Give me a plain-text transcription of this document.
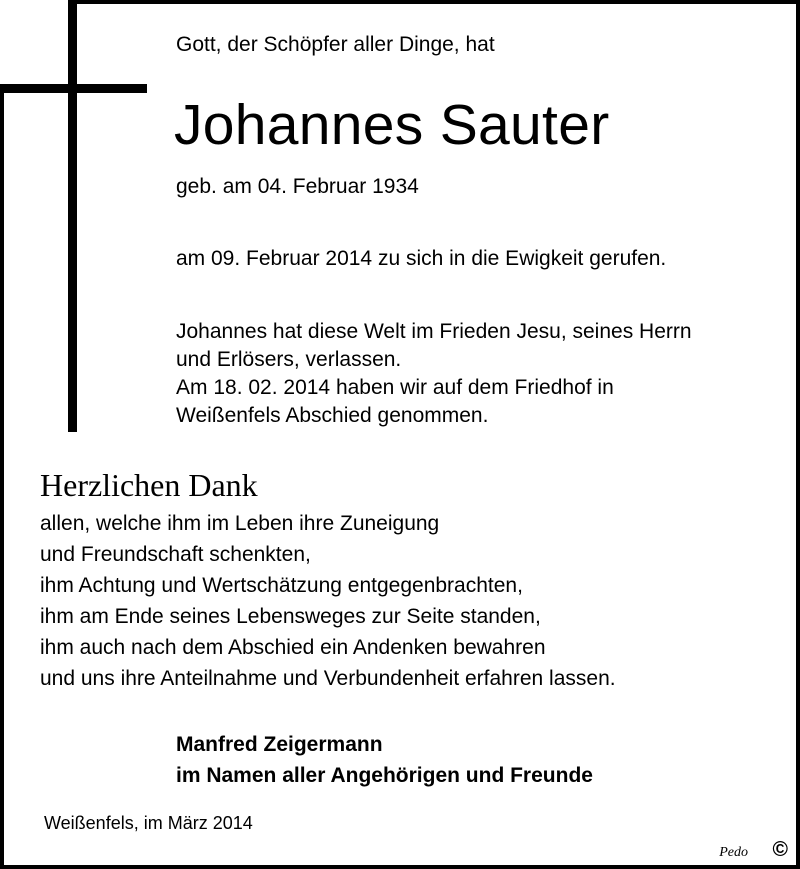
Gott, der Schöpfer aller Dinge, hat

Johannes Sauter

geb. am 04. Februar 1934

am 09. Februar 2014 zu sich in die Ewigkeit gerufen.

Johannes hat diese Welt im Frieden Jesu, seines Herrn
und Erlösers, verlassen.
Am 18. 02. 2014 haben wir auf dem Friedhof in
Weißenfels Abschied genommen.

Herzlichen Dank

allen, welche ihm im Leben ihre Zuneigung
und Freundschaft schenkten,
ihm Achtung und Wertschätzung entgegenbrachten,
ihm am Ende seines Lebensweges zur Seite standen,
ihm auch nach dem Abschied ein Andenken bewahren
und uns ihre Anteilnahme und Verbundenheit erfahren lassen.
Manfred Zeigermann
im Namen aller Angehörigen und Freunde

Weißenfels, im März 2014

Pedo ©
